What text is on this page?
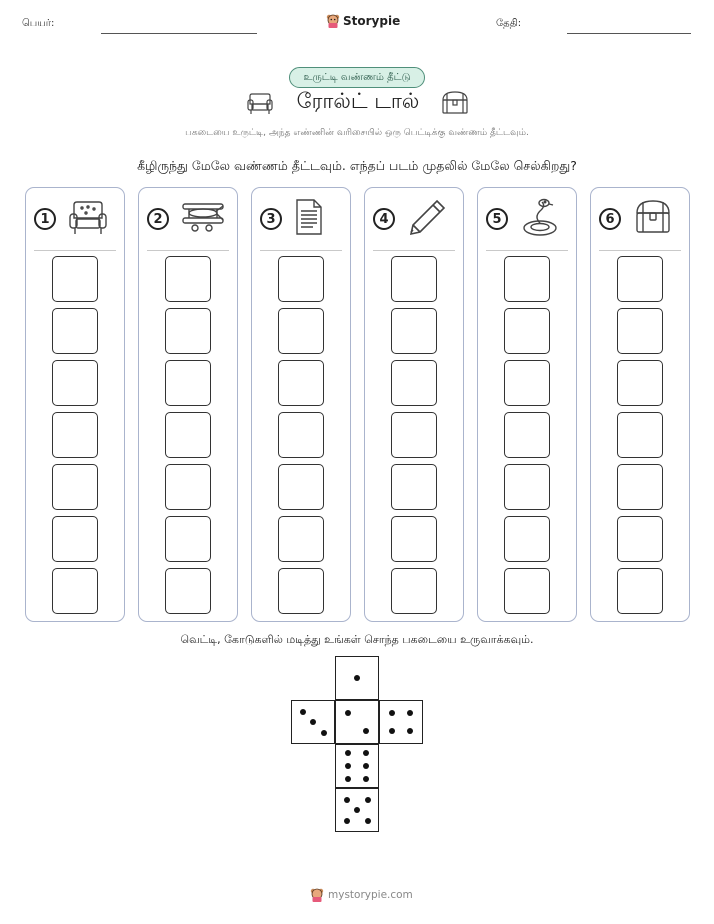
பெயர்:	Storypie	தேதி:
உருட்டி வண்ணம் தீட்டு
ரோல்ட் டால்
பகடையை உருட்டி, அந்த எண்ணின் வரிசையில் ஒரு பெட்டிக்கு வண்ணம் தீட்டவும்.
கீழிருந்து மேலே வண்ணம் தீட்டவும். எந்தப் படம் முதலில் மேலே செல்கிறது?
1	2	3	4	5	6
வெட்டி, கோடுகளில் மடித்து உங்கள் சொந்த பகடையை உருவாக்கவும்.
mystorypie.com
